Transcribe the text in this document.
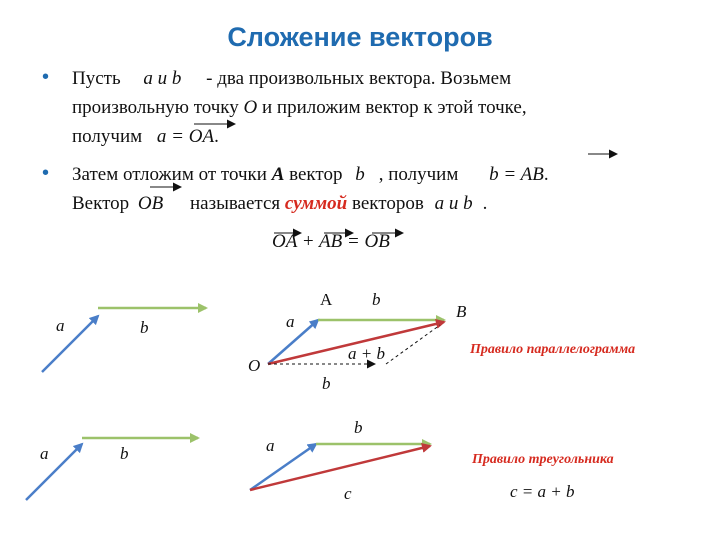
Сложение векторов
• Пусть a и b - два произвольных вектора. Возьмем
произвольную точку O и приложим вектор к этой точке,
получим a = OA.
• Затем отложим от точки A вектор b , получим b = AB.
Вектор OB называется суммой векторов a и b .
OA + AB = OB
a	b	a
A b
B
a + b
O
b
Правило параллелограмма
a	b	a
b
c
Правило треугольника
c = a + b
